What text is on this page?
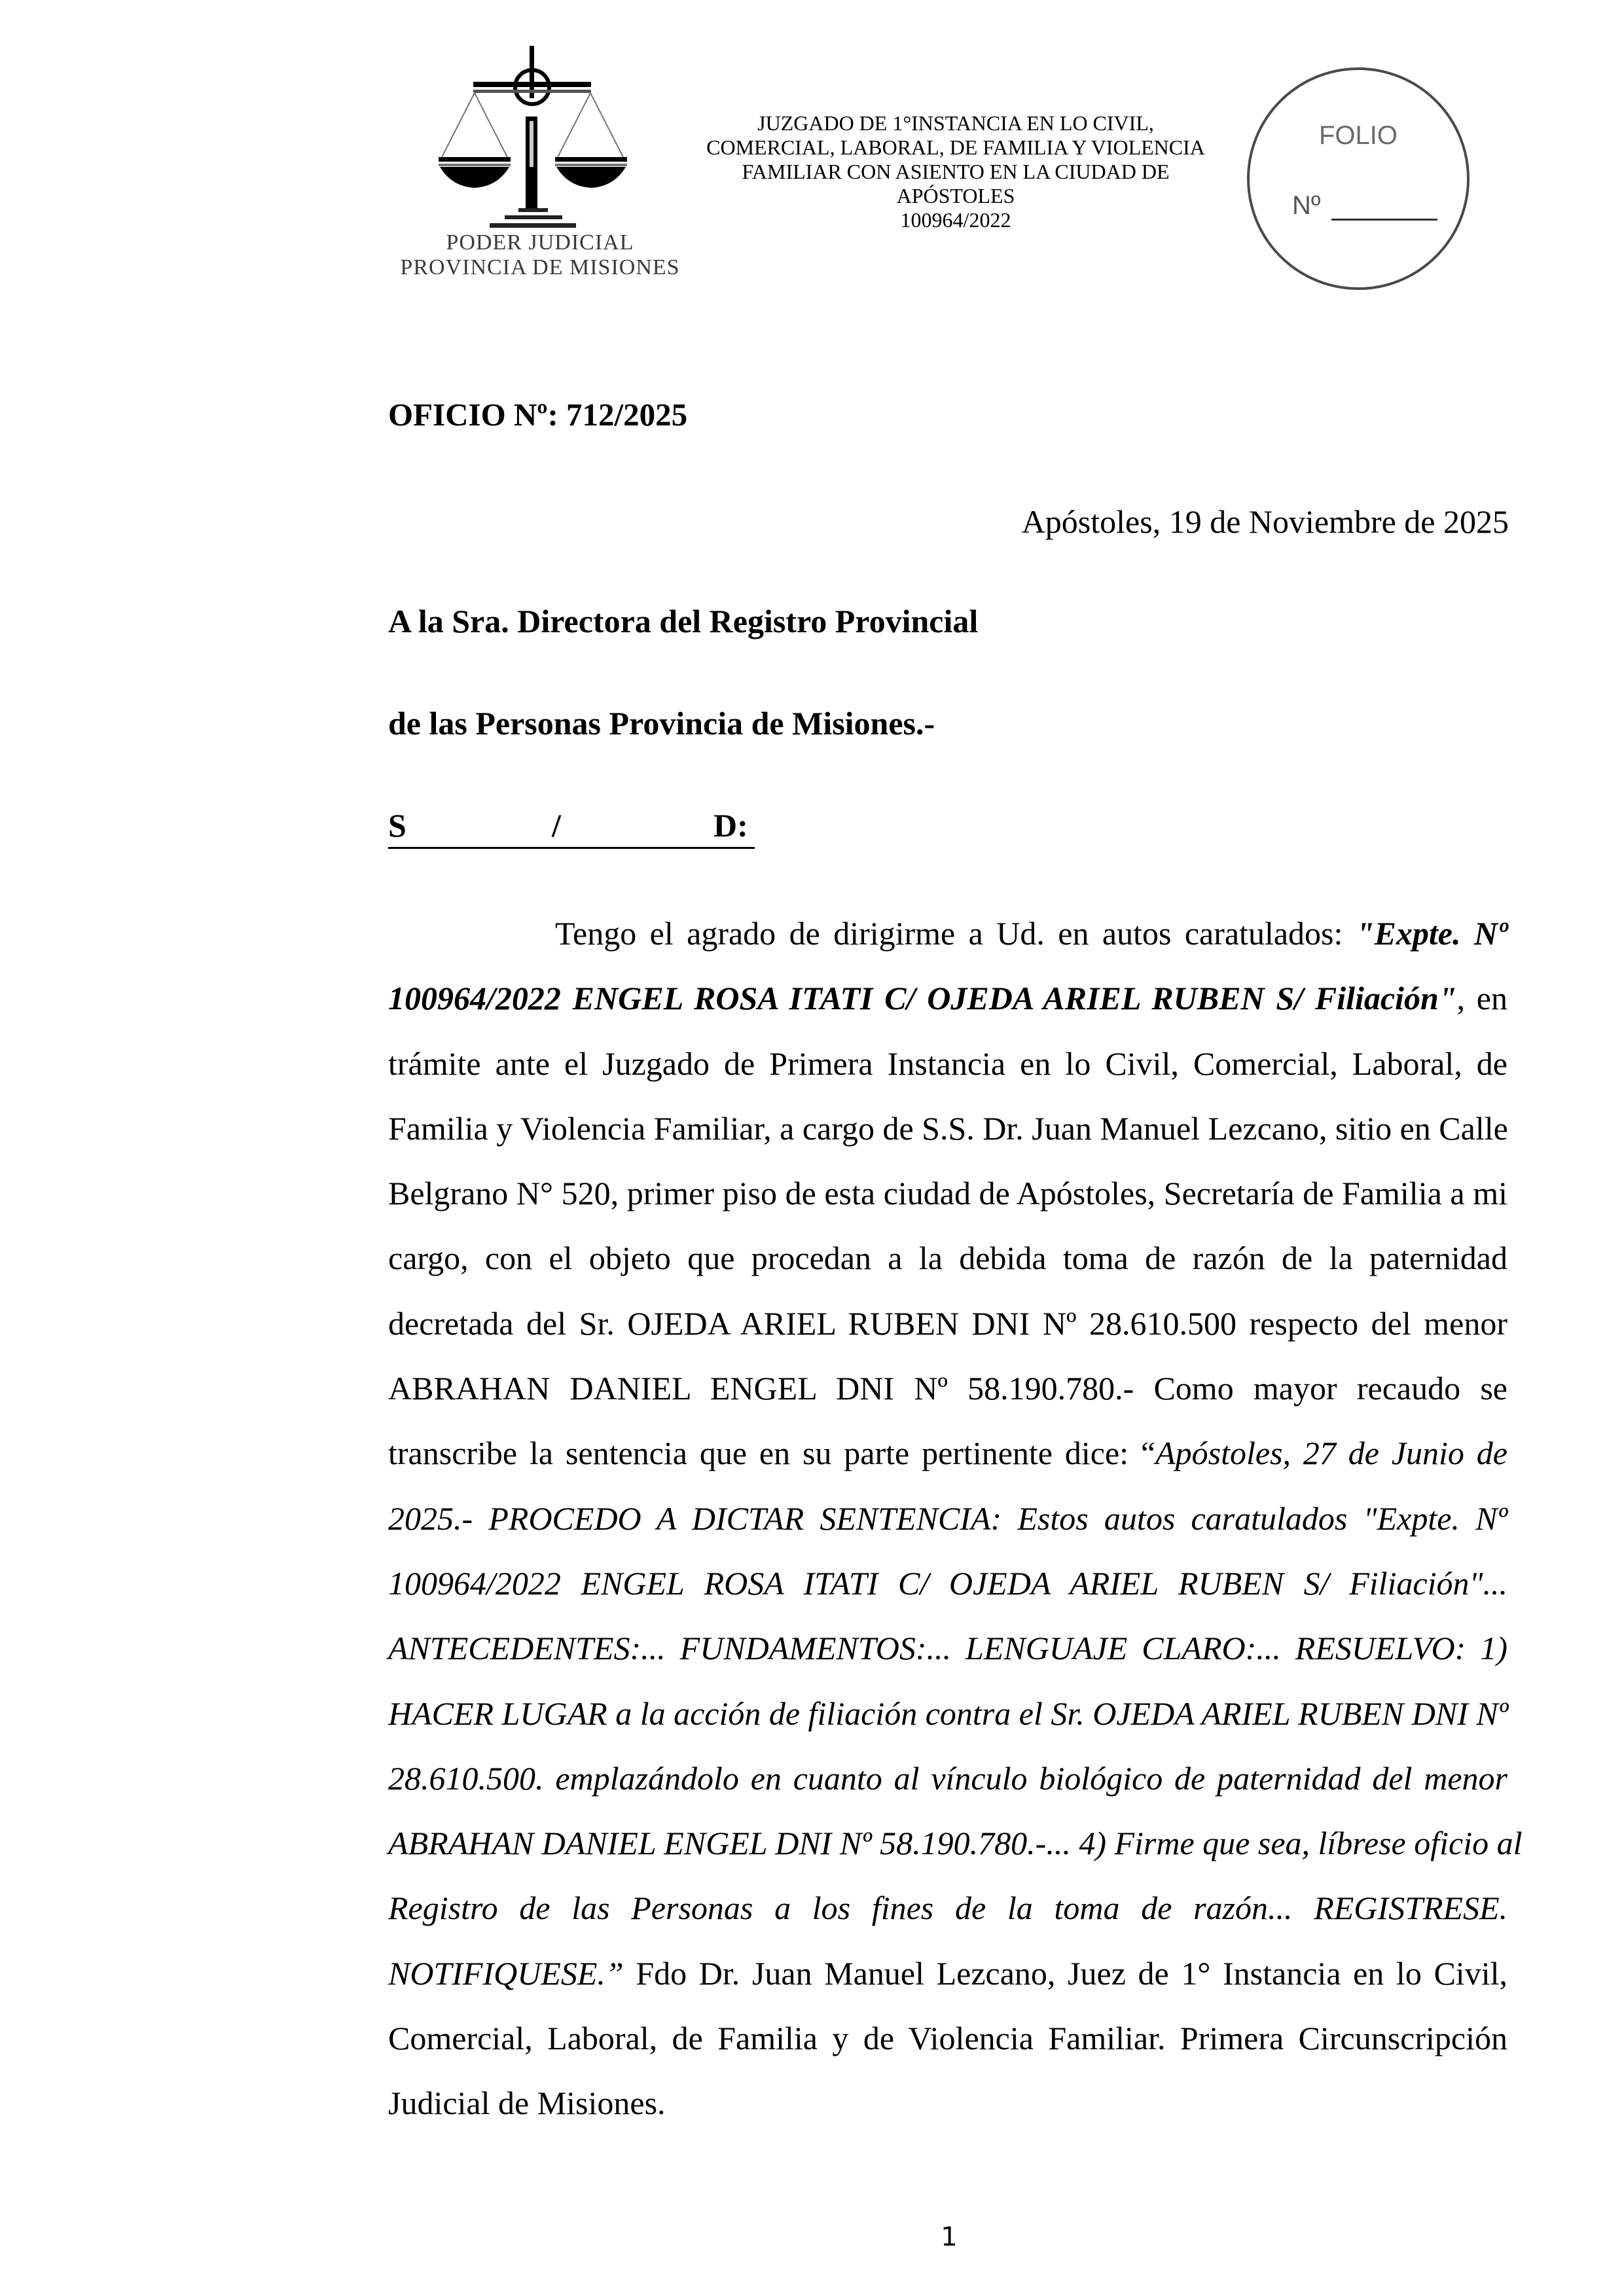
PODER JUDICIAL
PROVINCIA DE MISIONES
JUZGADO DE 1°INSTANCIA EN LO CIVIL,
COMERCIAL, LABORAL, DE FAMILIA Y VIOLENCIA
FAMILIAR CON ASIENTO EN LA CIUDAD DE
APÓSTOLES
100964/2022
FOLIO
Nº
OFICIO Nº: 712/2025
Apóstoles, 19 de Noviembre de 2025
A la Sra. Directora del Registro Provincial
de las Personas Provincia de Misiones.-
S	/	D:
Tengo el agrado de dirigirme a Ud. en autos caratulados: "Expte. Nº
100964/2022 ENGEL ROSA ITATI C/ OJEDA ARIEL RUBEN S/ Filiación", en
trámite ante el Juzgado de Primera Instancia en lo Civil, Comercial, Laboral, de
Familia y Violencia Familiar, a cargo de S.S. Dr. Juan Manuel Lezcano, sitio en Calle
Belgrano N° 520, primer piso de esta ciudad de Apóstoles, Secretaría de Familia a mi
cargo, con el objeto que procedan a la debida toma de razón de la paternidad
decretada del Sr. OJEDA ARIEL RUBEN DNI Nº 28.610.500 respecto del menor
ABRAHAN DANIEL ENGEL DNI Nº 58.190.780.- Como mayor recaudo se
transcribe la sentencia que en su parte pertinente dice: “Apóstoles, 27 de Junio de
2025.- PROCEDO A DICTAR SENTENCIA: Estos autos caratulados "Expte. Nº
100964/2022 ENGEL ROSA ITATI C/ OJEDA ARIEL RUBEN S/ Filiación"...
ANTECEDENTES:... FUNDAMENTOS:... LENGUAJE CLARO:... RESUELVO: 1)
HACER LUGAR a la acción de filiación contra el Sr. OJEDA ARIEL RUBEN DNI Nº
28.610.500. emplazándolo en cuanto al vínculo biológico de paternidad del menor
ABRAHAN DANIEL ENGEL DNI Nº 58.190.780.-... 4) Firme que sea, líbrese oficio al
Registro de las Personas a los fines de la toma de razón... REGISTRESE.
NOTIFIQUESE.” Fdo Dr. Juan Manuel Lezcano, Juez de 1° Instancia en lo Civil,
Comercial, Laboral, de Familia y de Violencia Familiar. Primera Circunscripción
Judicial de Misiones.
1
